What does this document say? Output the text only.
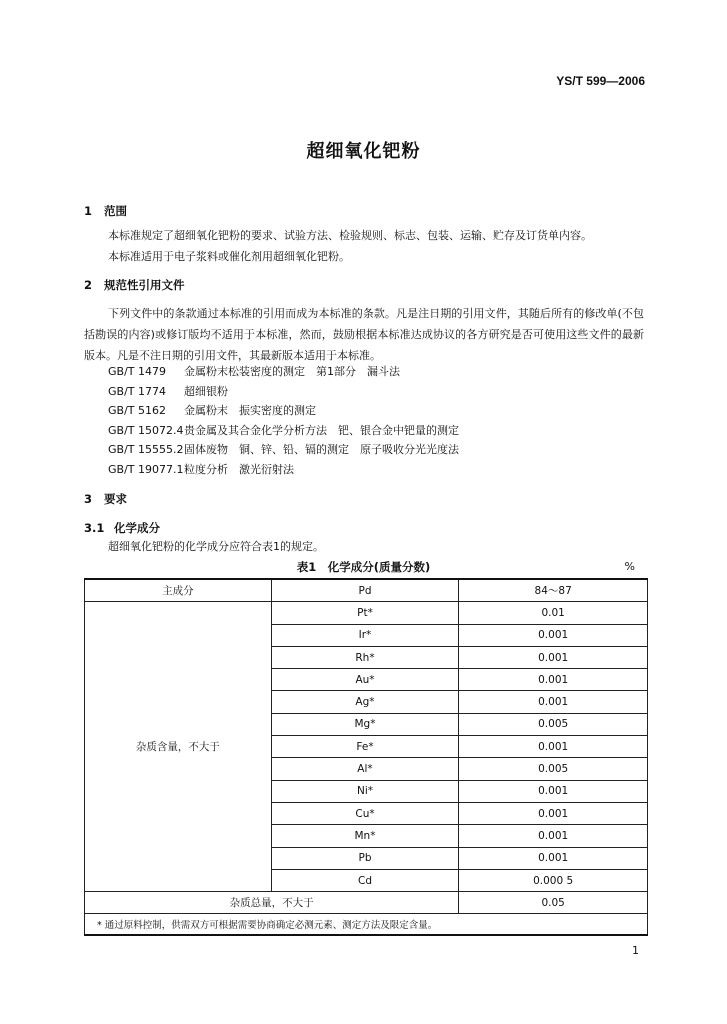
YS/T 599—2006
超细氧化钯粉
1 范围
本标准规定了超细氧化钯粉的要求、试验方法、检验规则、标志、包装、运输、贮存及订货单内容。
本标准适用于电子浆料或催化剂用超细氧化钯粉。
2 规范性引用文件
下列文件中的条款通过本标准的引用而成为本标准的条款。凡是注日期的引用文件，其随后所有的修改单(不包括勘误的内容)或修订版均不适用于本标准，然而，鼓励根据本标准达成协议的各方研究是否可使用这些文件的最新版本。凡是不注日期的引用文件，其最新版本适用于本标准。
GB/T 1479 金属粉末松装密度的测定　第1部分　漏斗法
GB/T 1774 超细银粉
GB/T 5162 金属粉末　振实密度的测定
GB/T 15072.4贵金属及其合金化学分析方法　钯、银合金中钯量的测定
GB/T 15555.2固体废物　铜、锌、铅、镉的测定　原子吸收分光光度法
GB/T 19077.1粒度分析　激光衍射法
3 要求
3.1 化学成分
超细氧化钯粉的化学成分应符合表1的规定。
表1　化学成分(质量分数)	%
主成分	Pd	84～87
杂质含量，不大于	Pt*	0.01
	Ir*	0.001
	Rh*	0.001
	Au*	0.001
	Ag*	0.001
	Mg*	0.005
	Fe*	0.001
	Al*	0.005
	Ni*	0.001
	Cu*	0.001
	Mn*	0.001
	Pb	0.001
	Cd	0.000 5
杂质总量，不大于		0.05
* 通过原料控制，供需双方可根据需要协商确定必测元素、测定方法及限定含量。		
1
